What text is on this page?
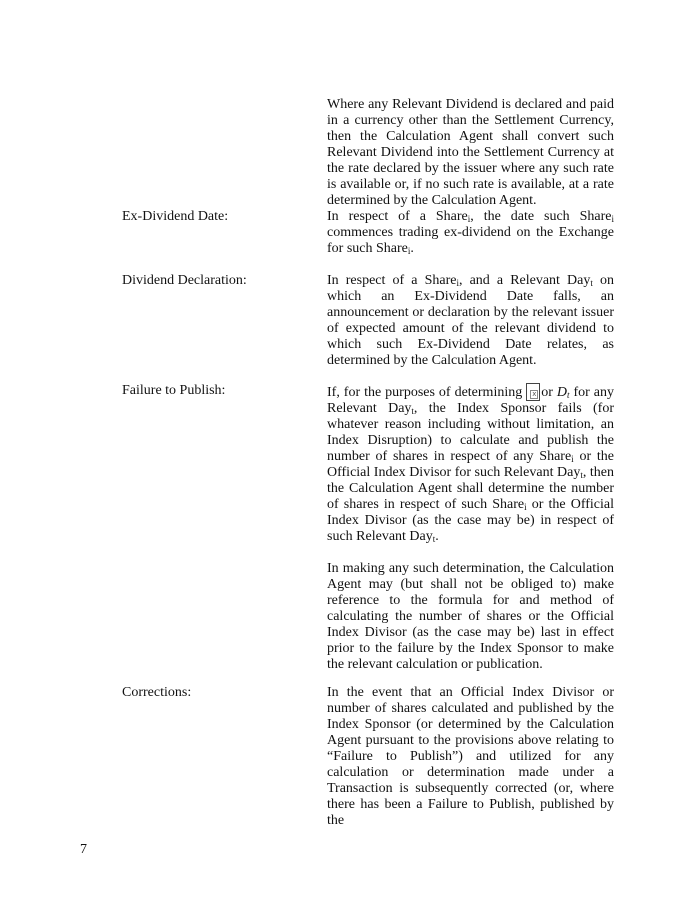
Where any Relevant Dividend is declared and paid in a currency other than the Settlement Currency, then the Calculation Agent shall convert such Relevant Dividend into the Settlement Currency at the rate declared by the issuer where any such rate is available or, if no such rate is available, at a rate determined by the Calculation Agent.

Ex-Dividend Date:	In respect of a Share$_i$, the date such Share$_i$ commences trading ex-dividend on the Exchange for such Share$_i$.

Dividend Declaration:	In respect of a Share$_i$, and a Relevant Day$_t$ on which an Ex-Dividend Date falls, an announcement or declaration by the relevant issuer of expected amount of the relevant dividend to which such Ex-Dividend Date relates, as determined by the Calculation Agent.

Failure to Publish:	If, for the purposes of determining x or $D_t$ for any Relevant Day$_t$, the Index Sponsor fails (for whatever reason including without limitation, an Index Disruption) to calculate and publish the number of shares in respect of any Share$_i$ or the Official Index Divisor for such Relevant Day$_t$, then the Calculation Agent shall determine the number of shares in respect of such Share$_i$ or the Official Index Divisor (as the case may be) in respect of such Relevant Day$_t$.

In making any such determination, the Calculation Agent may (but shall not be obliged to) make reference to the formula for and method of calculating the number of shares or the Official Index Divisor (as the case may be) last in effect prior to the failure by the Index Sponsor to make the relevant calculation or publication.

Corrections:	In the event that an Official Index Divisor or number of shares calculated and published by the Index Sponsor (or determined by the Calculation Agent pursuant to the provisions above relating to “Failure to Publish”) and utilized for any calculation or determination made under a Transaction is subsequently corrected (or, where there has been a Failure to Publish, published by the

7
